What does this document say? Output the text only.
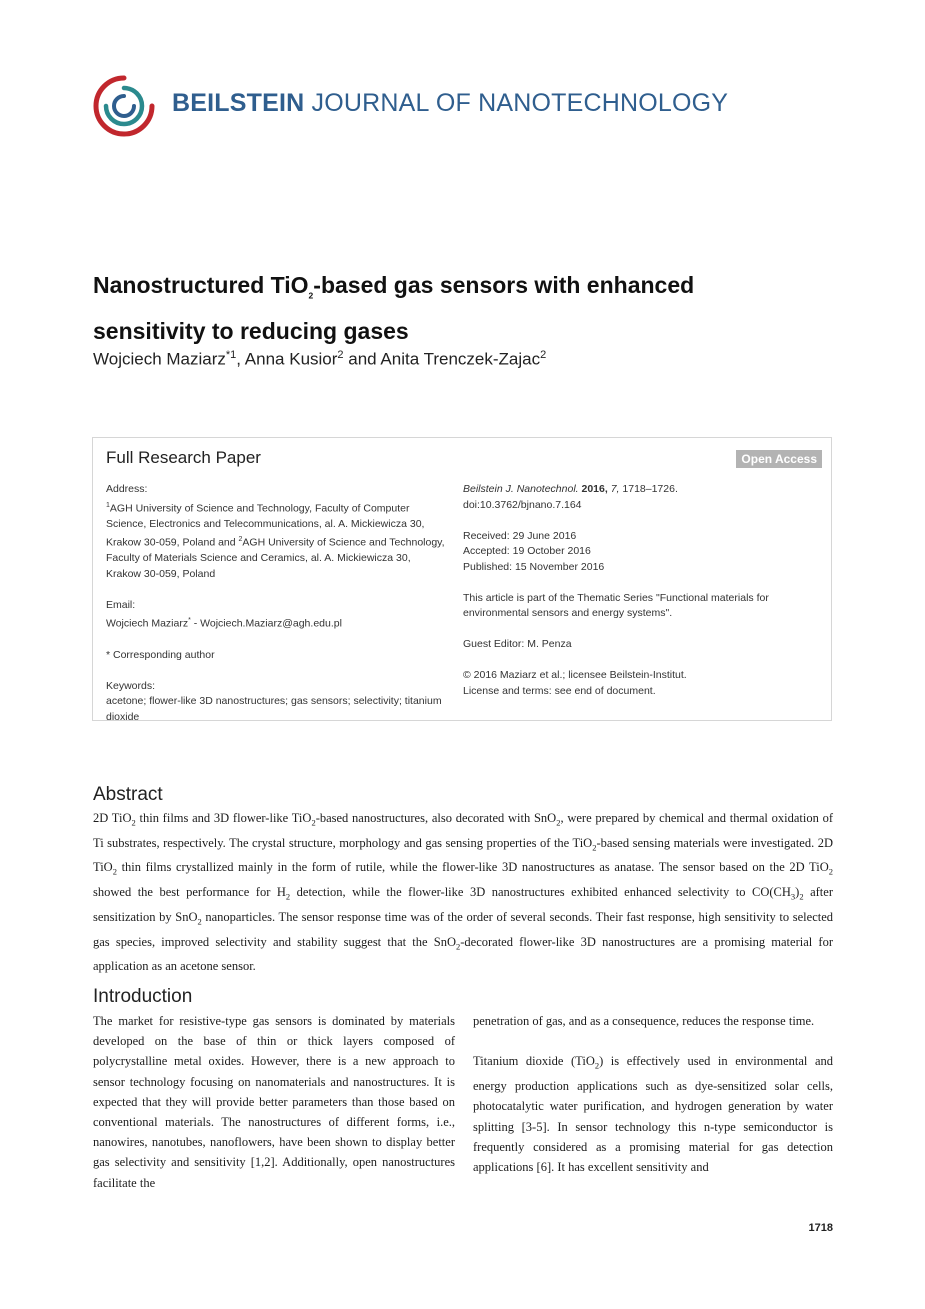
BEILSTEIN JOURNAL OF NANOTECHNOLOGY
Nanostructured TiO$_2$-based gas sensors with enhanced sensitivity to reducing gases
Wojciech Maziarz$^{*1}$, Anna Kusior$^2$ and Anita Trenczek-Zajac$^2$
Full Research Paper	Open Access

Address:

$^1$AGH University of Science and Technology, Faculty of Computer Science, Electronics and Telecommunications, al. A. Mickiewicza 30, Krakow 30-059, Poland and $^2$AGH University of Science and Technology, Faculty of Materials Science and Ceramics, al. A. Mickiewicza 30, Krakow 30-059, Poland

Email:

Wojciech Maziarz* - Wojciech.Maziarz@agh.edu.pl

* Corresponding author

Keywords:

acetone; flower-like 3D nanostructures; gas sensors; selectivity; titanium dioxide

Beilstein J. Nanotechnol. 2016, 7, 1718–1726.

doi:10.3762/bjnano.7.164

Received: 29 June 2016

Accepted: 19 October 2016

Published: 15 November 2016

This article is part of the Thematic Series "Functional materials for environmental sensors and energy systems".

Guest Editor: M. Penza

© 2016 Maziarz et al.; licensee Beilstein-Institut.

License and terms: see end of document.

Abstract
2D TiO$_2$ thin films and 3D flower-like TiO$_2$-based nanostructures, also decorated with SnO$_2$, were prepared by chemical and thermal oxidation of Ti substrates, respectively. The crystal structure, morphology and gas sensing properties of the TiO$_2$-based sensing materials were investigated. 2D TiO$_2$ thin films crystallized mainly in the form of rutile, while the flower-like 3D nanostructures as anatase. The sensor based on the 2D TiO$_2$ showed the best performance for $H_2$ detection, while the flower-like 3D nanostructures exhibited enhanced selectivity to $CO(CH_3)_2$ after sensitization by SnO$_2$ nanoparticles. The sensor response time was of the order of several seconds. Their fast response, high sensitivity to selected gas species, improved selectivity and stability suggest that the SnO$_2$-decorated flower-like 3D nanostructures are a promising material for application as an acetone sensor.
Introduction

The market for resistive-type gas sensors is dominated by materials developed on the base of thin or thick layers composed of polycrystalline metal oxides. However, there is a new approach to sensor technology focusing on nanomaterials and nanostructures. It is expected that they will provide better parameters than those based on conventional materials. The nanostructures of different forms, i.e., nanowires, nanotubes, nanoflowers, have been shown to display better gas selectivity and sensitivity [1,2]. Additionally, open nanostructures facilitate the

penetration of gas, and as a consequence, reduces the response time.

Titanium dioxide (TiO$_2$) is effectively used in environmental and energy production applications such as dye-sensitized solar cells, photocatalytic water purification, and hydrogen generation by water splitting [3-5]. In sensor technology this n-type semiconductor is frequently considered as a promising material for gas detection applications [6]. It has excellent sensitivity and

1718
